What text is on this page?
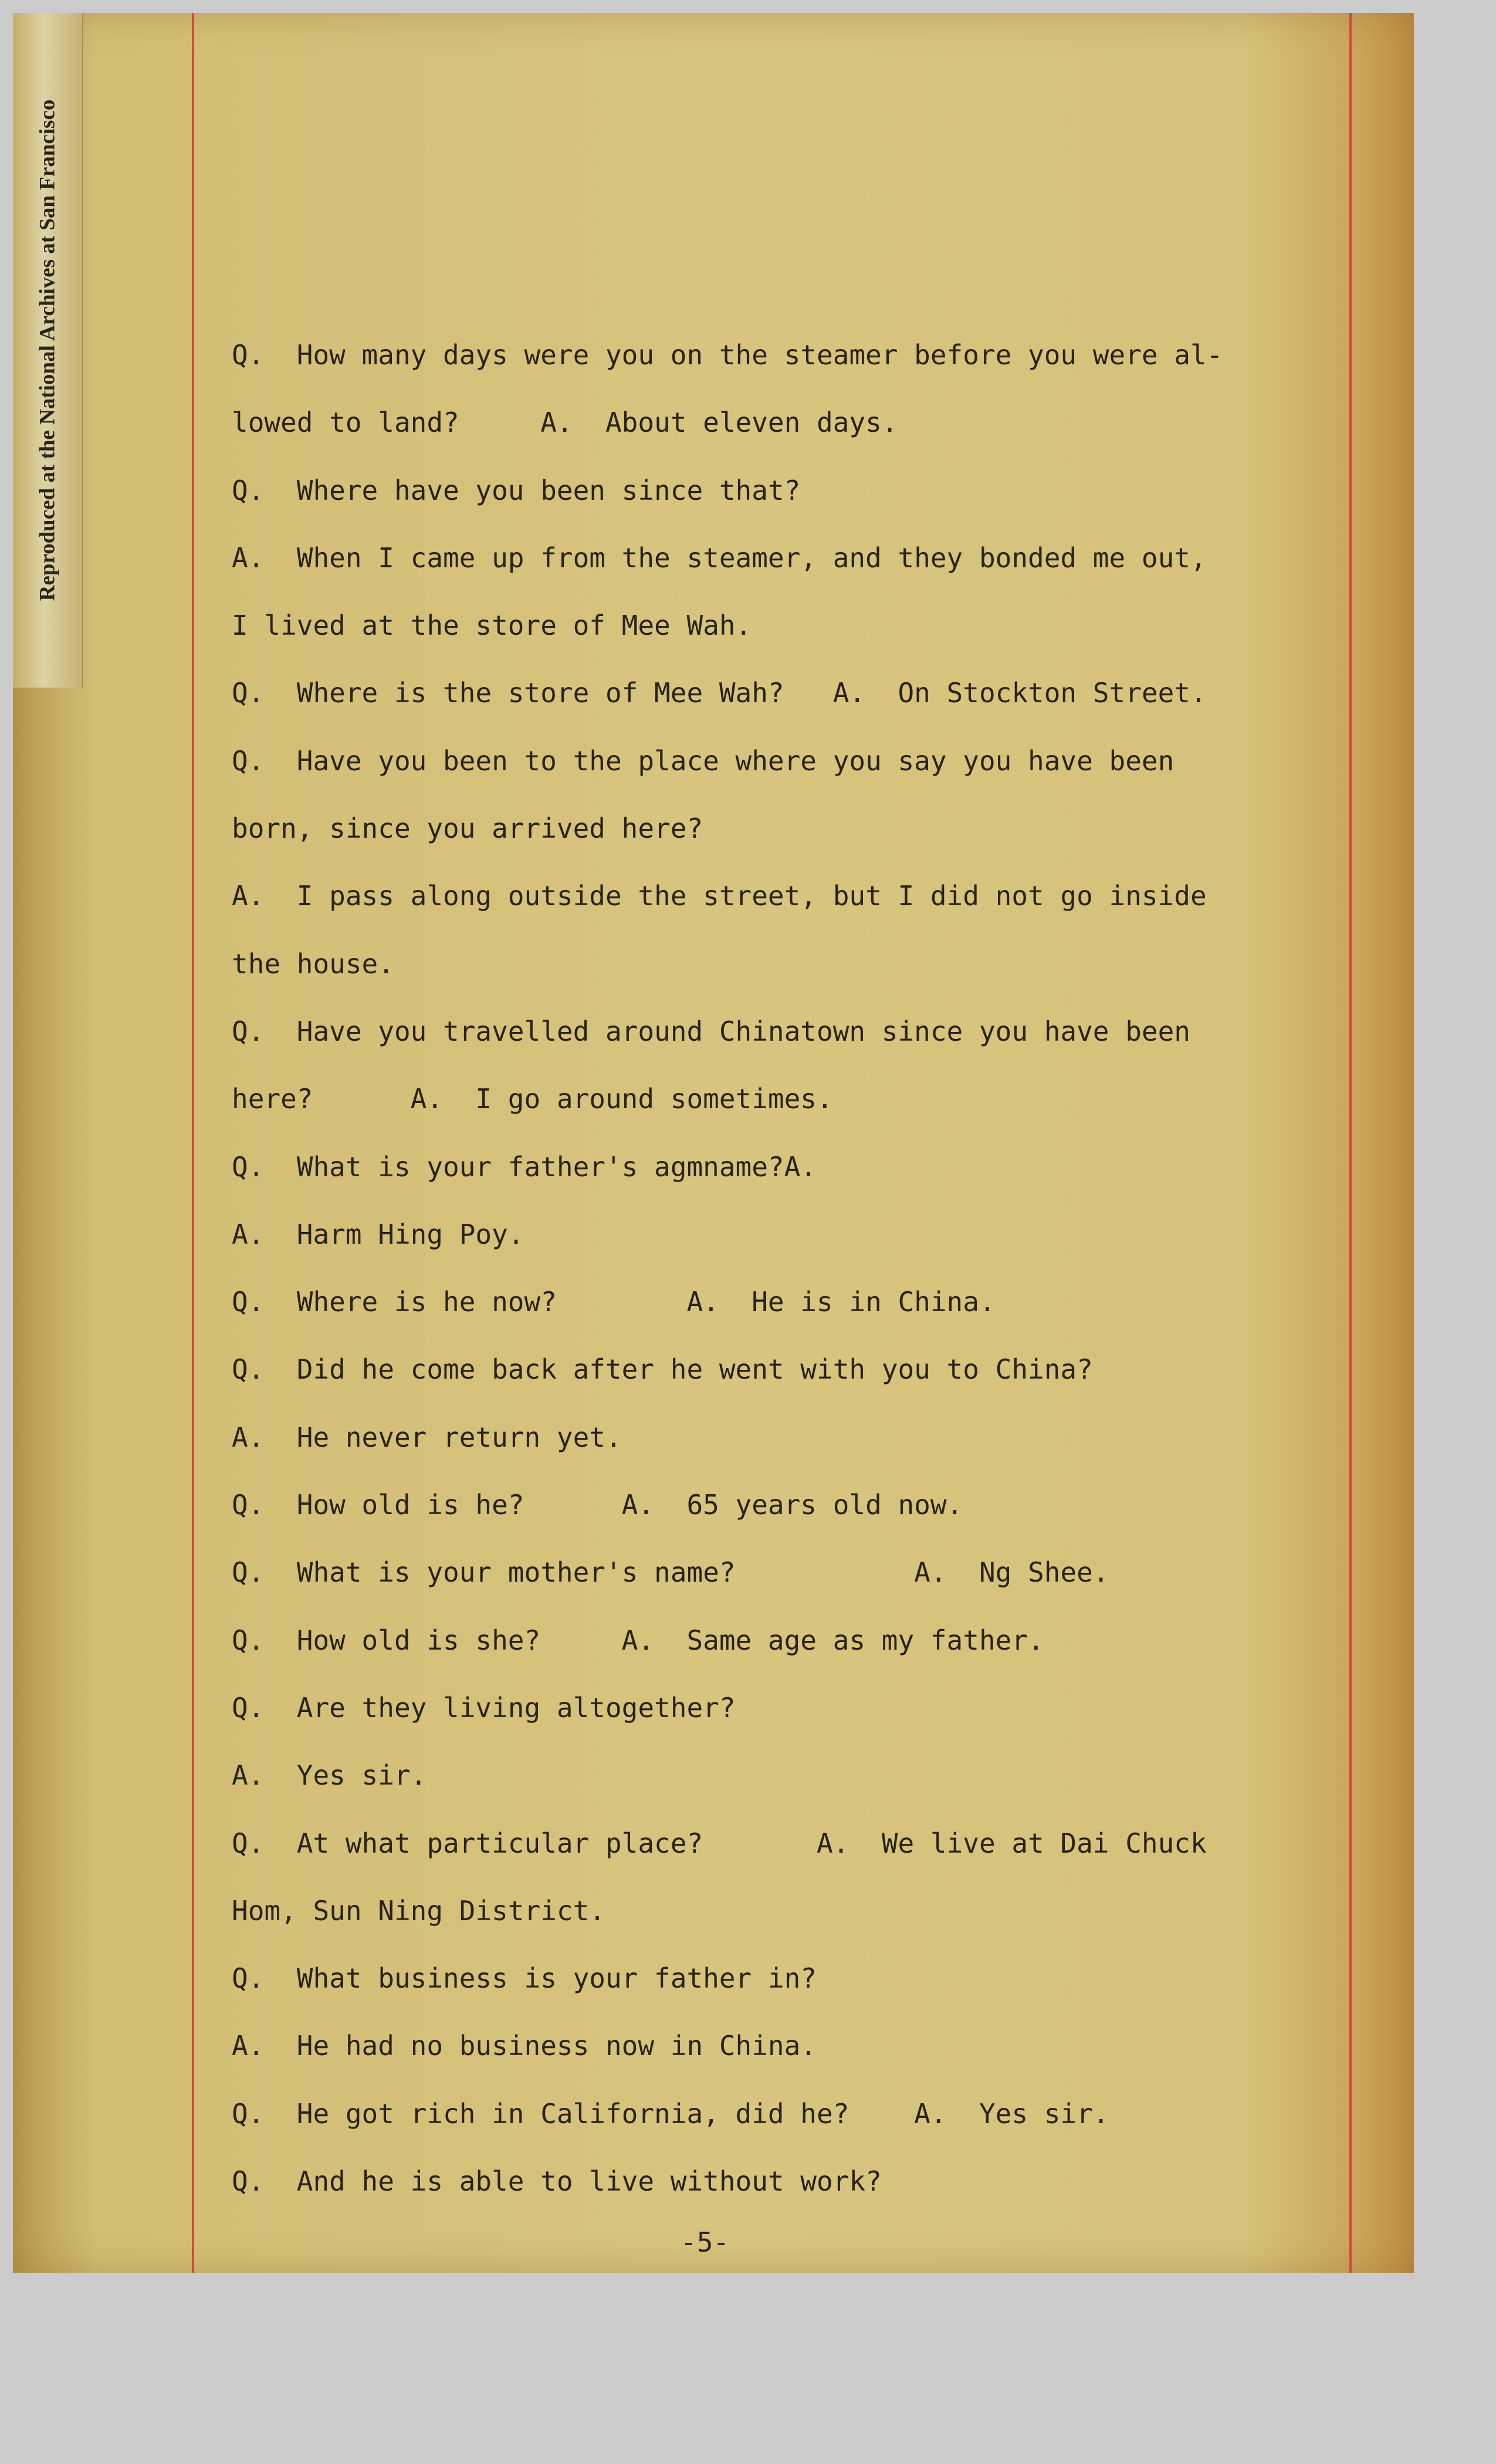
Reproduced at the National Archives at San Francisco	Q.  How many days were you on the steamer before you were al-
lowed to land?     A.  About eleven days.
Q.  Where have you been since that?
A.  When I came up from the steamer, and they bonded me out,
I lived at the store of Mee Wah.
Q.  Where is the store of Mee Wah?   A.  On Stockton Street.
Q.  Have you been to the place where you say you have been
born, since you arrived here?
A.  I pass along outside the street, but I did not go inside
the house.
Q.  Have you travelled around Chinatown since you have been
here?      A.  I go around sometimes.
Q.  What is your father's agmname?A.
A.  Harm Hing Poy.
Q.  Where is he now?        A.  He is in China.
Q.  Did he come back after he went with you to China?
A.  He never return yet.
Q.  How old is he?      A.  65 years old now.
Q.  What is your mother's name?           A.  Ng Shee.
Q.  How old is she?     A.  Same age as my father.
Q.  Are they living altogether?
A.  Yes sir.
Q.  At what particular place?       A.  We live at Dai Chuck
Hom, Sun Ning District.
Q.  What business is your father in?
A.  He had no business now in China.
Q.  He got rich in California, did he?    A.  Yes sir.
Q.  And he is able to live without work?
-5-
